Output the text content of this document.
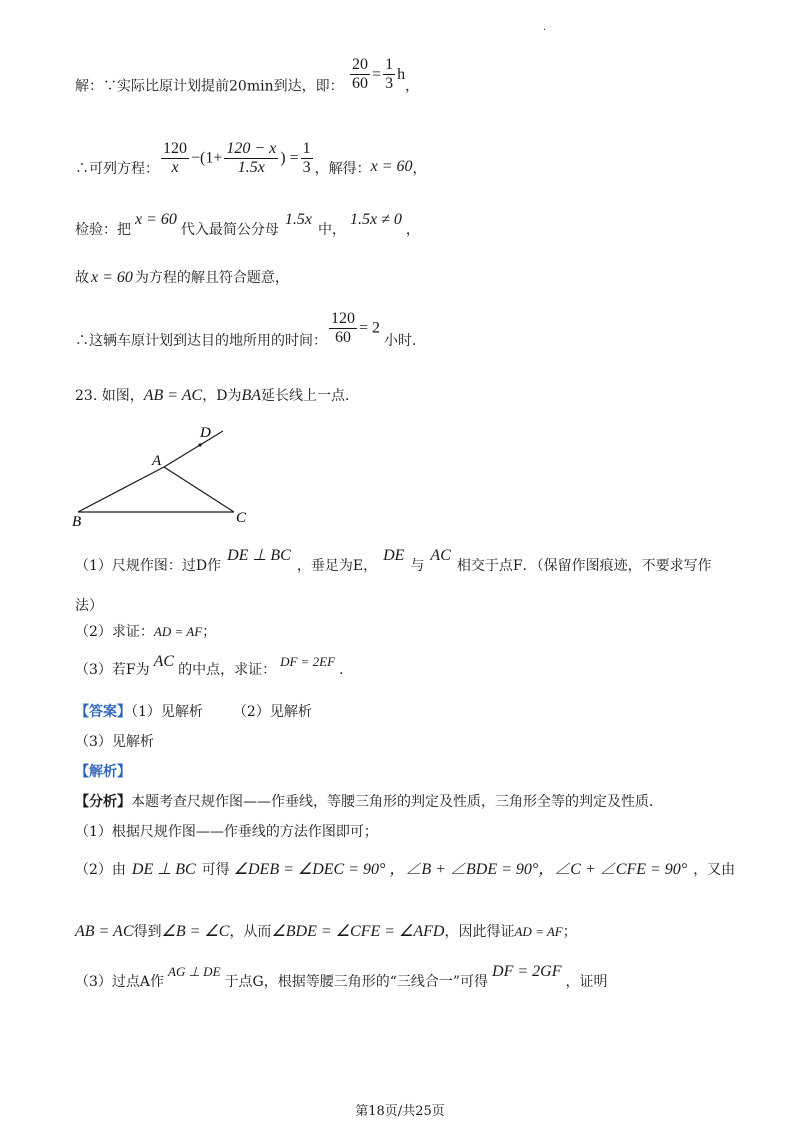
.
解：∵实际比原计划提前20min到达，即： $\frac{20}{60} = \frac{1}{3}$ h，
∴可列方程： $\frac{120}{x} -(1+ \frac{120 - x}{1.5x}$ ) = $\frac{1}{3}$ ，解得：x = 60，
检验：把x = 60代入最简公分母1.5x中，1.5x ≠ 0，
故 x = 60 为方程的解且符合题意，
∴这辆车原计划到达目的地所用的时间： $\frac{120}{60} = 2$小时．
23. 如图，AB = AC，D为BA延长线上一点．
D
A
B	C
（1）尺规作图：过D作DE ⊥ BC，垂足为E，DE与AC相交于点F．（保留作图痕迹，不要求写作
法）
（2）求证：AD = AF；
（3）若F为 AC 的中点，求证：DF = 2EF．
【答案】（1）见解析 （2）见解析
（3）见解析
【解析】
【分析】本题考查尺规作图——作垂线，等腰三角形的判定及性质，三角形全等的判定及性质．
（1）根据尺规作图——作垂线的方法作图即可；
（2）由 DE ⊥ BC 可得 ∠DEB = ∠DEC = 90° ，∠B + ∠BDE = 90°，∠C + ∠CFE = 90° ，又由
AB = AC得到∠B = ∠C，从而∠BDE = ∠CFE = ∠AFD，因此得证AD = AF；
（3）过点A作AG ⊥ DE于点G，根据等腰三角形的“三线合一”可得DF = 2GF，证明
第18页/共25页
